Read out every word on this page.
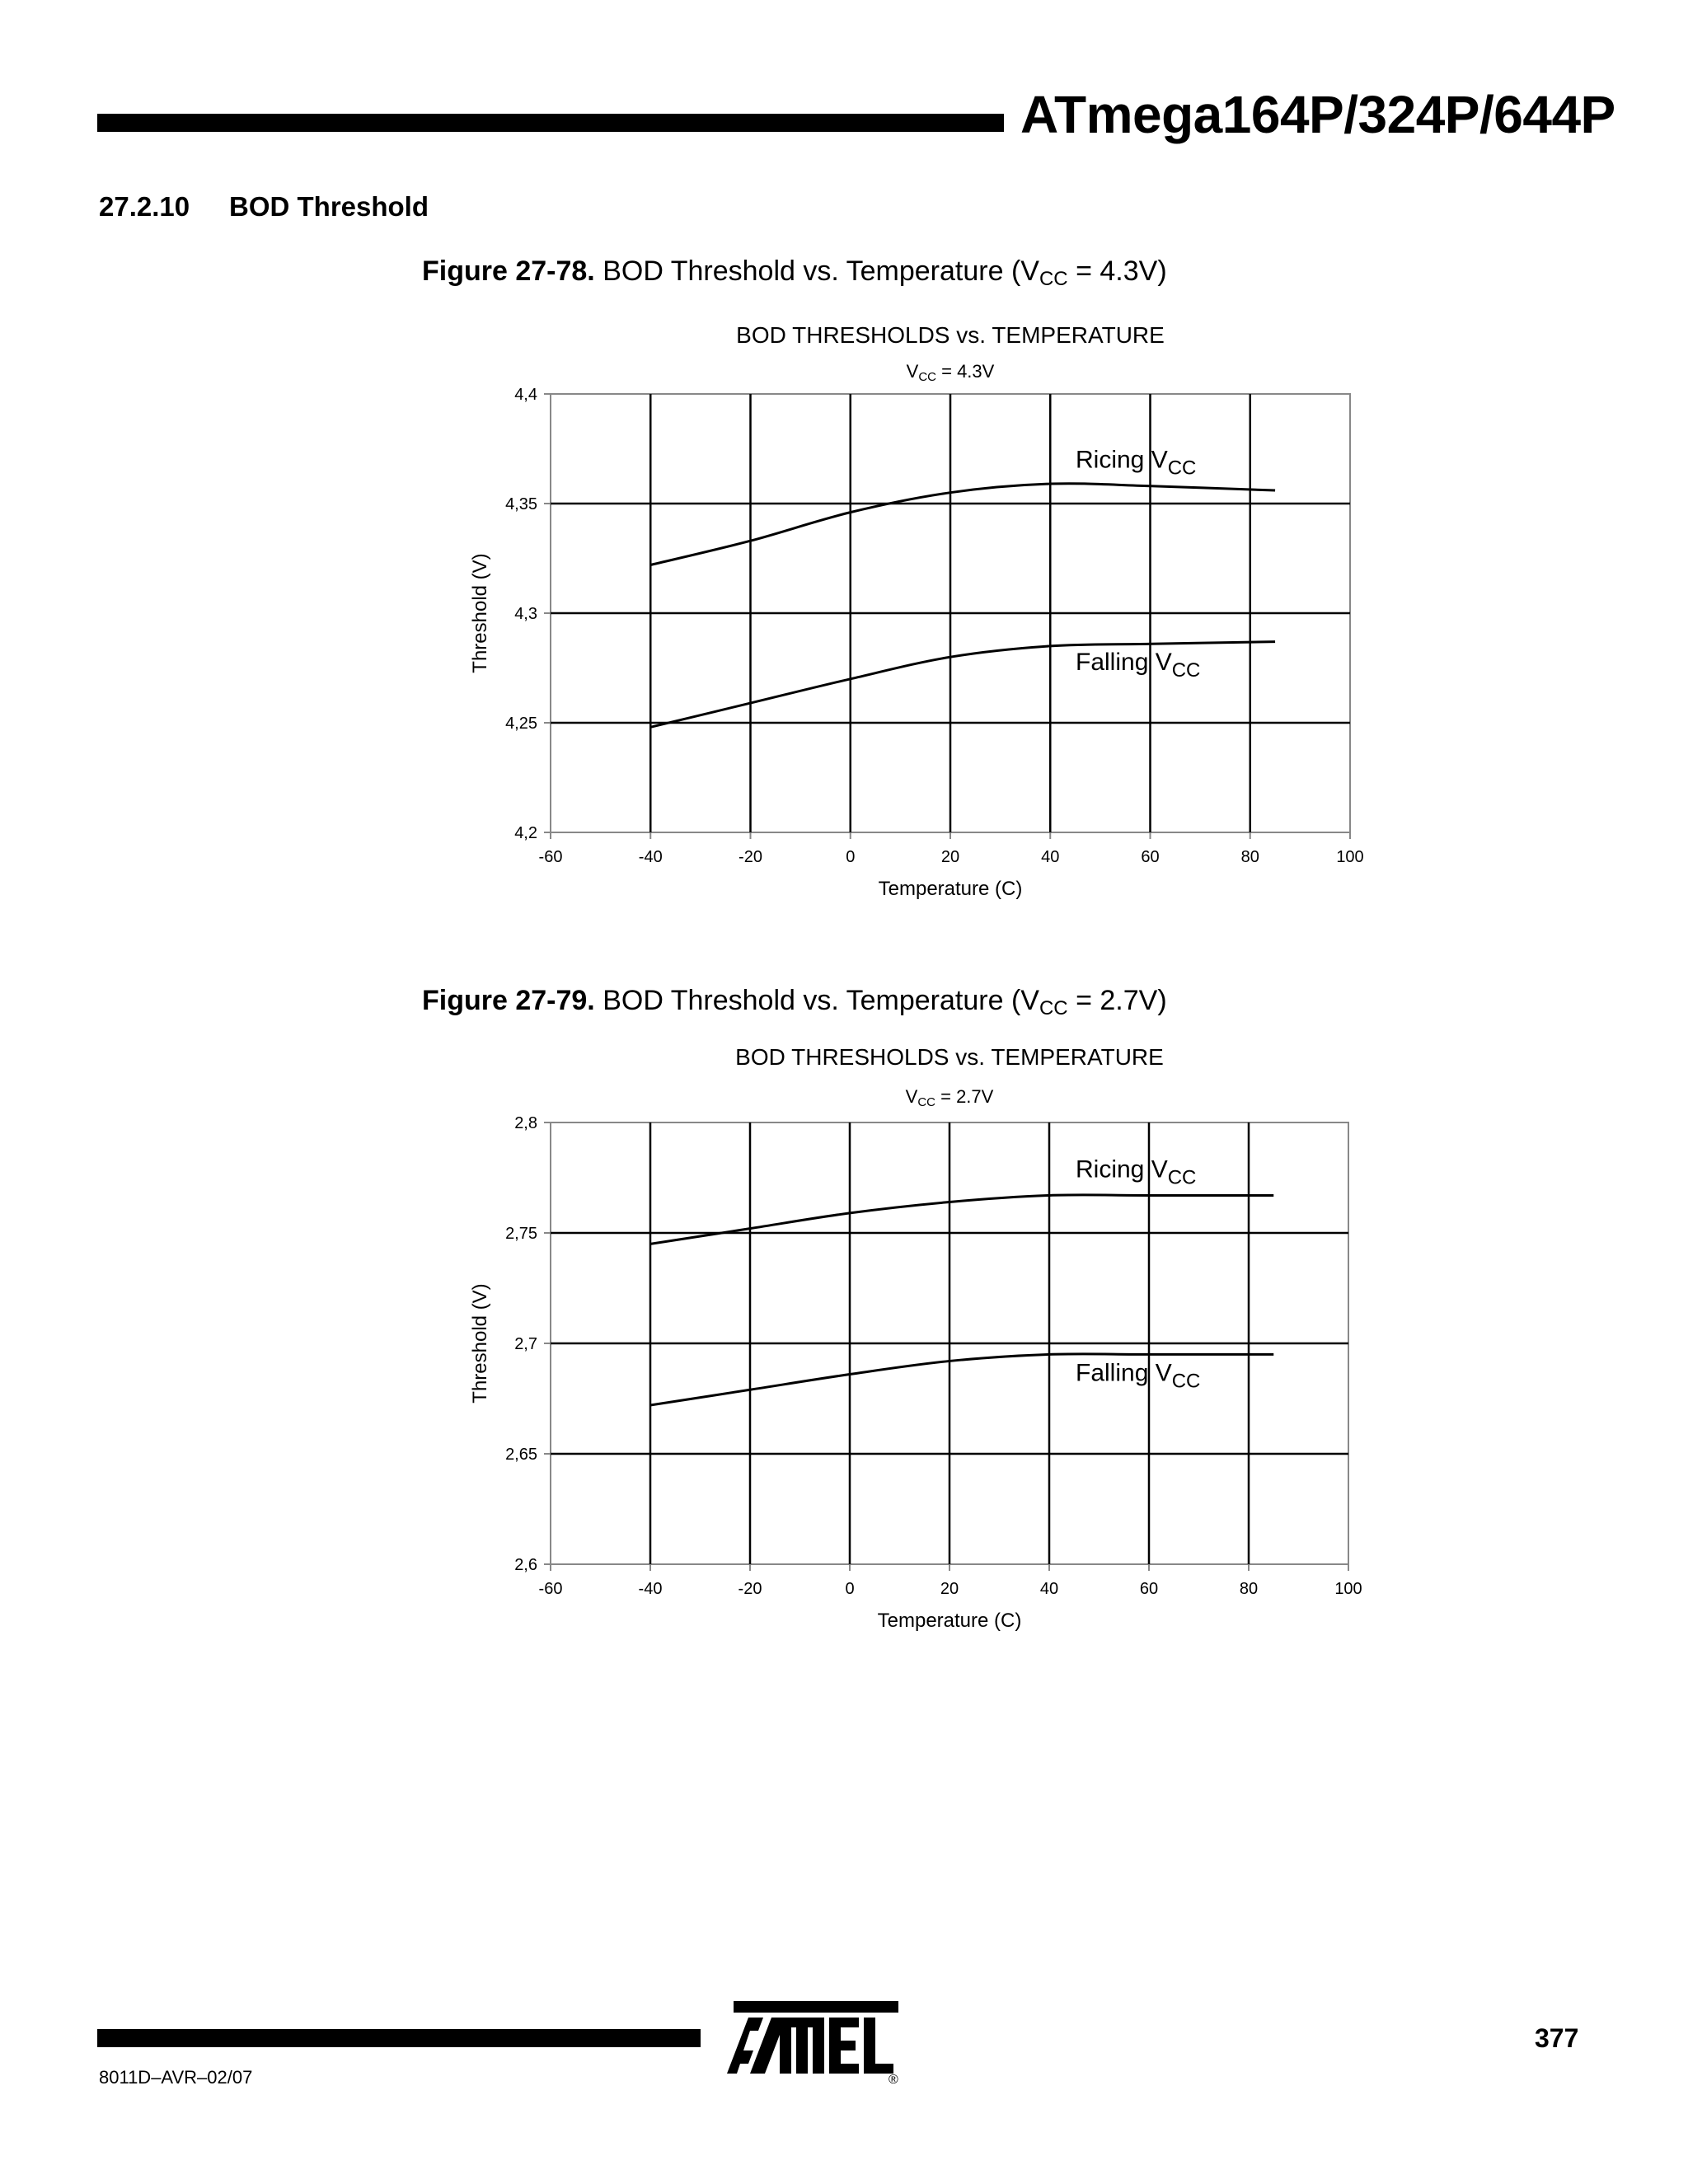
ATmega164P/324P/644P
27.2.10 BOD Threshold
Figure 27-78. BOD Threshold vs. Temperature $(V_{CC} = 4.3V)$
BOD THRESHOLDS vs. TEMPERATURE
VCC = 4.3V
4,2
4,25
4,3
4,35
4,4
-60	-40	-20	0	20	40	60	80	100
Temperature (C)
Threshold (V)
Ricing $V_{CC}$
Falling $V_{CC}$
Figure 27-79. BOD Threshold vs. Temperature $(V_{CC} = 2.7V)$
BOD THRESHOLDS vs. TEMPERATURE
VCC = 2.7V
2,6
2,65
2,7
2,75
2,8
-60	-40	-20	0	20	40	60	80	100
Temperature (C)
Threshold (V)
Ricing $V_{CC}$
Falling $V_{CC}$
8011D–AVR–02/07
377
®
